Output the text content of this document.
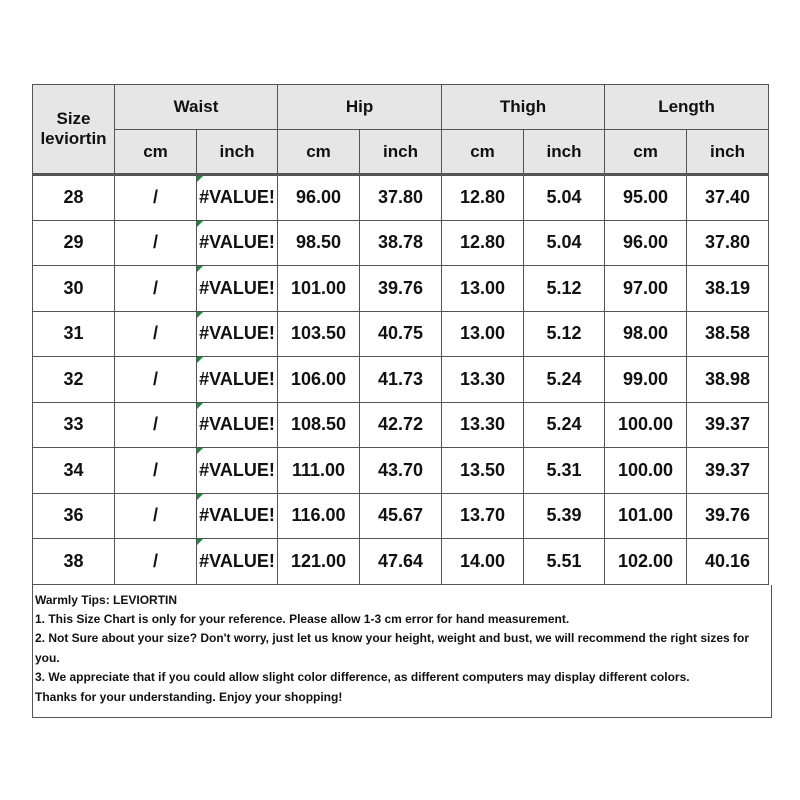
Size
leviortin	Waist		Hip		Thigh		Length	
	cm	inch	cm	inch	cm	inch	cm	inch
28	/	#VALUE!	96.00	37.80	12.80	5.04	95.00	37.40
29	/	#VALUE!	98.50	38.78	12.80	5.04	96.00	37.80
30	/	#VALUE!	101.00	39.76	13.00	5.12	97.00	38.19
31	/	#VALUE!	103.50	40.75	13.00	5.12	98.00	38.58
32	/	#VALUE!	106.00	41.73	13.30	5.24	99.00	38.98
33	/	#VALUE!	108.50	42.72	13.30	5.24	100.00	39.37
34	/	#VALUE!	111.00	43.70	13.50	5.31	100.00	39.37
36	/	#VALUE!	116.00	45.67	13.70	5.39	101.00	39.76
38	/	#VALUE!	121.00	47.64	14.00	5.51	102.00	40.16
Warmly Tips: LEVIORTIN
1. This Size Chart is only for your reference. Please allow 1-3 cm error for hand measurement.
2. Not Sure about your size? Don't worry, just let us know your height, weight and bust, we will recommend the right sizes for you.
3. We appreciate that if you could allow slight color difference, as different computers may display different colors.
Thanks for your understanding. Enjoy your shopping!
